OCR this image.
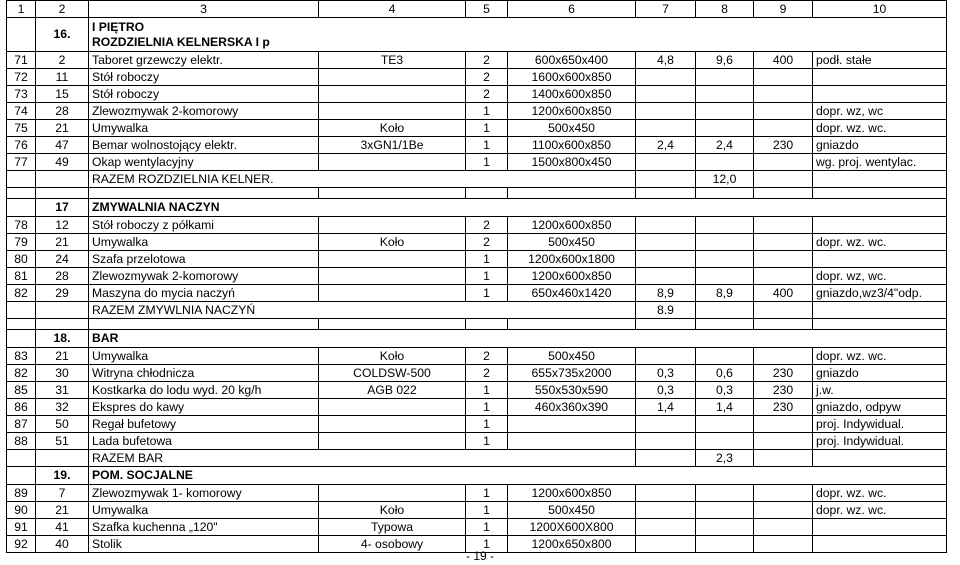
1	2	3	4	5	6	7	8	9	10
	16.	I PIĘTRO
ROZDZIELNIA KELNERSKA I p							

71	2	Taboret grzewczy elektr.	TE3	2	600x650x400	4,8	9,6	400	podł. stałe
72	11	Stół roboczy		2	1600x600x850				
73	15	Stół roboczy		2	1400x600x850				
74	28	Zlewozmywak 2-komorowy		1	1200x600x850				dopr. wz, wc
75	21	Umywalka	Koło	1	500x450				dopr. wz. wc.
76	47	Bemar wolnostojący elektr.	3xGN1/1Be	1	1100x600x850	2,4	2,4	230	gniazdo
77	49	Okap wentylacyjny		1	1500x800x450				wg. proj. wentylac.
		RAZEM ROZDZIELNIA KELNER.					12,0		

	17	ZMYWALNIA NACZYN							

78	12	Stół roboczy z półkami		2	1200x600x850				
79	21	Umywalka	Koło	2	500x450				dopr. wz. wc.
80	24	Szafa przelotowa		1	1200x600x1800				
81	28	Zlewozmywak 2-komorowy		1	1200x600x850				dopr. wz, wc.
82	29	Maszyna do mycia naczyń		1	650x460x1420	8,9	8,9	400	gniazdo,wz3/4"odp.
		RAZEM ZMYWLNIA NACZYŃ				8.9			

	18.	BAR							

83	21	Umywalka	Koło	2	500x450				dopr. wz. wc.
82	30	Witryna chłodnicza	COLDSW-500	2	655x735x2000	0,3	0,6	230	gniazdo
85	31	Kostkarka do lodu wyd. 20 kg/h	AGB 022	1	550x530x590	0,3	0,3	230	j.w.
86	32	Ekspres do kawy		1	460x360x390	1,4	1,4	230	gniazdo, odpyw
87	50	Regał bufetowy		1					proj. Indywidual.
88	51	Lada bufetowa		1					proj. Indywidual.
		RAZEM BAR					2,3		
	19.	POM. SOCJALNE							

89	7	Zlewozmywak 1- komorowy		1	1200x600x850				dopr. wz. wc.
90	21	Umywalka	Koło	1	500x450				dopr. wz. wc.
91	41	Szafka kuchenna „120"	Typowa	1	1200X600X800				
92	40	Stolik	4- osobowy	1	1200x650x800				
- 19 -
